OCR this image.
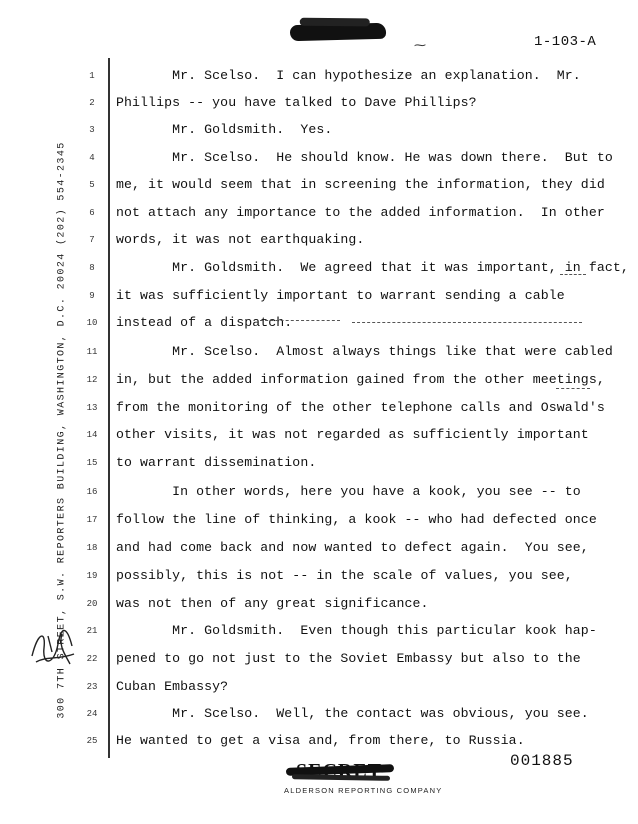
⁓	1-103-A
300 7TH STREET, S.W. REPORTERS BUILDING, WASHINGTON, D.C. 20024 (202) 554-2345
1
2
3
4
5
6
7
8
9
10
11
12
13
14
15
16
17
18
19
20
21
22
23
24
25
Mr. Scelso.  I can hypothesize an explanation.  Mr.
Phillips -- you have talked to Dave Phillips?
Mr. Goldsmith.  Yes.
Mr. Scelso.  He should know. He was down there.  But to
me, it would seem that in screening the information, they did
not attach any importance to the added information.  In other
words, it was not earthquaking.
Mr. Goldsmith.  We agreed that it was important, in fact,
it was sufficiently important to warrant sending a cable
instead of a dispatch.
Mr. Scelso.  Almost always things like that were cabled
in, but the added information gained from the other meetings,
from the monitoring of the other telephone calls and Oswald's
other visits, it was not regarded as sufficiently important
to warrant dissemination.
In other words, here you have a kook, you see -- to
follow the line of thinking, a kook -- who had defected once
and had come back and now wanted to defect again.  You see,
possibly, this is not -- in the scale of values, you see,
was not then of any great significance.
Mr. Goldsmith.  Even though this particular kook hap-
pened to go not just to the Soviet Embassy but also to the
Cuban Embassy?
Mr. Scelso.  Well, the contact was obvious, you see.
He wanted to get a visa and, from there, to Russia.
001885
ALDERSON REPORTING COMPANY
